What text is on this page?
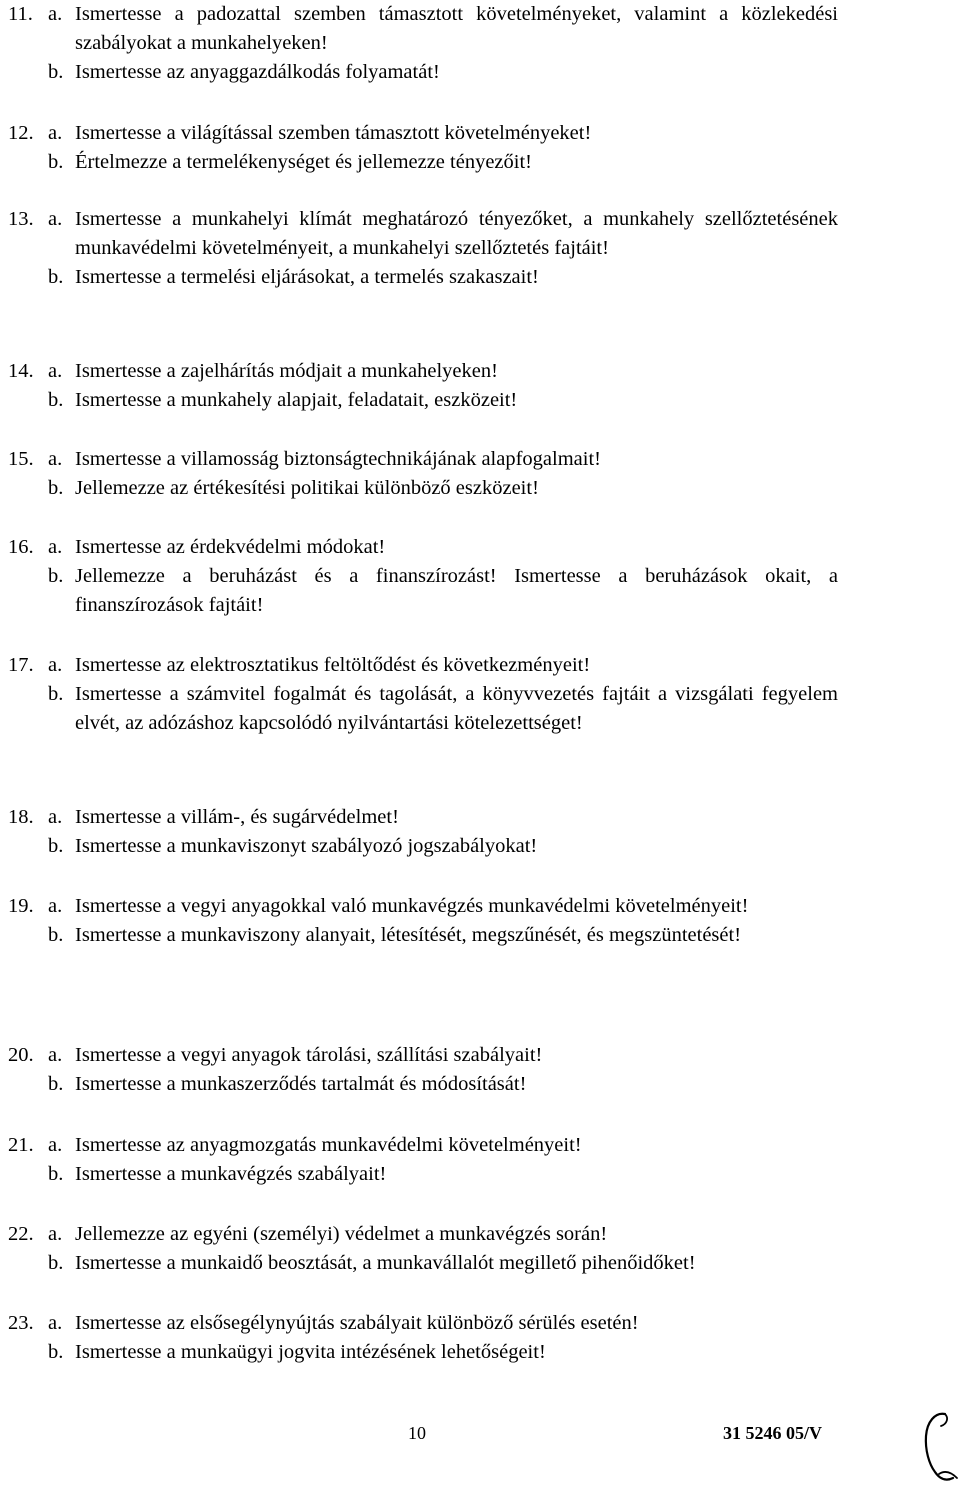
11. a. Ismertesse a padozattal szemben támasztott követelményeket, valamint a közlekedési szabályokat a munkahelyeken!
b. Ismertesse az anyaggazdálkodás folyamatát!
12. a. Ismertesse a világítással szemben támasztott követelményeket!
b. Értelmezze a termelékenységet és jellemezze tényezőit!
13. a. Ismertesse a munkahelyi klímát meghatározó tényezőket, a munkahely szellőztetésének munkavédelmi követelményeit, a munkahelyi szellőztetés fajtáit!
b. Ismertesse a termelési eljárásokat, a termelés szakaszait!
14. a. Ismertesse a zajelhárítás módjait a munkahelyeken!
b. Ismertesse a munkahely alapjait, feladatait, eszközeit!
15. a. Ismertesse a villamosság biztonságtechnikájának alapfogalmait!
b. Jellemezze az értékesítési politikai különböző eszközeit!
16. a. Ismertesse az érdekvédelmi módokat!
b. Jellemezze a beruházást és a finanszírozást! Ismertesse a beruházások okait, a finanszírozások fajtáit!
17. a. Ismertesse az elektrosztatikus feltöltődést és következményeit!
b. Ismertesse a számvitel fogalmát és tagolását, a könyvvezetés fajtáit a vizsgálati fegyelem elvét, az adózáshoz kapcsolódó nyilvántartási kötelezettséget!
18. a. Ismertesse a villám-, és sugárvédelmet!
b. Ismertesse a munkaviszonyt szabályozó jogszabályokat!
19. a. Ismertesse a vegyi anyagokkal való munkavégzés munkavédelmi követelményeit!
b. Ismertesse a munkaviszony alanyait, létesítését, megszűnését, és megszüntetését!
20. a. Ismertesse a vegyi anyagok tárolási, szállítási szabályait!
b. Ismertesse a munkaszerződés tartalmát és módosítását!
21. a. Ismertesse az anyagmozgatás munkavédelmi követelményeit!
b. Ismertesse a munkavégzés szabályait!
22. a. Jellemezze az egyéni (személyi) védelmet a munkavégzés során!
b. Ismertesse a munkaidő beosztását, a munkavállalót megillető pihenőidőket!
23. a. Ismertesse az elsősegélynyújtás szabályait különböző sérülés esetén!
b. Ismertesse a munkaügyi jogvita intézésének lehetőségeit!
10	31 5246 05/V
